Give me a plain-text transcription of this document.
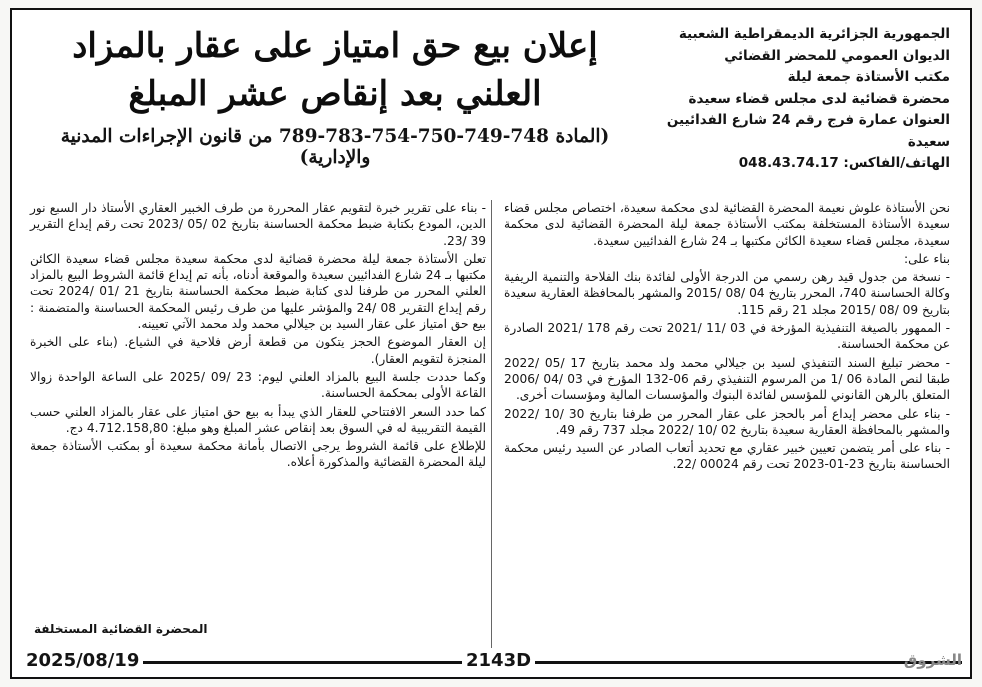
الجمهورية الجزائرية الديمقراطية الشعبية
الديوان العمومي للمحضر القضائي
مكتب الأستاذة جمعة ليلة
محضرة قضائية لدى مجلس قضاء سعيدة
العنوان عمارة فرج رقم 24 شارع الفدائيين سعيدة
الهاتف/الفاكس: 048.43.74.17
إعلان بيع حق امتياز على عقار بالمزاد
العلني بعد إنقاص عشر المبلغ
(المادة 748-749-750-754-783-789 من قانون الإجراءات المدنية والإدارية)

نحن الأستاذة علوش نعيمة المحضرة القضائية لدى محكمة سعيدة، اختصاص مجلس قضاء سعيدة الأستاذة المستخلفة بمكتب الأستاذة جمعة ليلة المحضرة القضائية لدى محكمة سعيدة، مجلس قضاء سعيدة الكائن مكتبها بـ 24 شارع الفدائيين سعيدة.

بناء على:

- نسخة من جدول قيد رهن رسمي من الدرجة الأولى لفائدة بنك الفلاحة والتنمية الريفية وكالة الحساسنة 740، المحرر بتاريخ 04 /08 /2015 والمشهر بالمحافظة العقارية سعيدة بتاريخ 09 /08 /2015 مجلد 21 رقم 115.

- الممهور بالصيغة التنفيذية المؤرخة في 03 /11 /2021 تحت رقم 178 /2021 الصادرة عن محكمة الحساسنة.

- محضر تبليغ السند التنفيذي لسيد بن جيلالي محمد ولد محمد بتاريخ 17 /05 /2022 طبقا لنص المادة 06 /1 من المرسوم التنفيذي رقم 06-132 المؤرخ في 03 /04 /2006 المتعلق بالرهن القانوني للمؤسس لفائدة البنوك والمؤسسات المالية ومؤسسات أخرى.

- بناء على محضر إيداع أمر بالحجز على عقار المحرر من طرفنا بتاريخ 30 /10 /2022 والمشهر بالمحافظة العقارية سعيدة بتاريخ 02 /10 /2022 مجلد 737 رقم 49.

- بناء على أمر يتضمن تعيين خبير عقاري مع تحديد أتعاب الصادر عن السيد رئيس محكمة الحساسنة بتاريخ 23-01-2023 تحت رقم 00024 /22.

- بناء على تقرير خبرة لتقويم عقار المحررة من طرف الخبير العقاري الأستاذ دار السبع نور الدين، المودع بكتابة ضبط محكمة الحساسنة بتاريخ 02 /05 /2023 تحت رقم إيداع التقرير 39 /23.

تعلن الأستاذة جمعة ليلة محضرة قضائية لدى محكمة سعيدة مجلس قضاء سعيدة الكائن مكتبها بـ 24 شارع الفدائيين سعيدة والموقعة أدناه، بأنه تم إيداع قائمة الشروط البيع بالمزاد العلني المحرر من طرفنا لدى كتابة ضبط محكمة الحساسنة بتاريخ 21 /01 /2024 تحت رقم إيداع التقرير 08 /24 والمؤشر عليها من طرف رئيس المحكمة الحساسنة والمتضمنة : بيع حق امتياز على عقار السيد بن جيلالي محمد ولد محمد الآتي تعيينه.

إن العقار الموضوع الحجز يتكون من قطعة أرض فلاحية في الشياع. (بناء على الخبرة المنجزة لتقويم العقار).

وكما حددت جلسة البيع بالمزاد العلني ليوم: 23 /09 /2025 على الساعة الواحدة زوالا القاعة الأولى بمحكمة الحساسنة.

كما حدد السعر الافتتاحي للعقار الذي يبدأ به بيع حق امتياز على عقار بالمزاد العلني حسب القيمة التقريبية له في السوق بعد إنقاص عشر المبلغ وهو مبلغ: 4.712.158,80 دج.

للإطلاع على قائمة الشروط يرجى الاتصال بأمانة محكمة سعيدة أو بمكتب الأستاذة جمعة ليلة المحضرة القضائية والمذكورة أعلاه.

المحضرة القضائية المستخلفة
2025/08/19	2143D	الشروق
